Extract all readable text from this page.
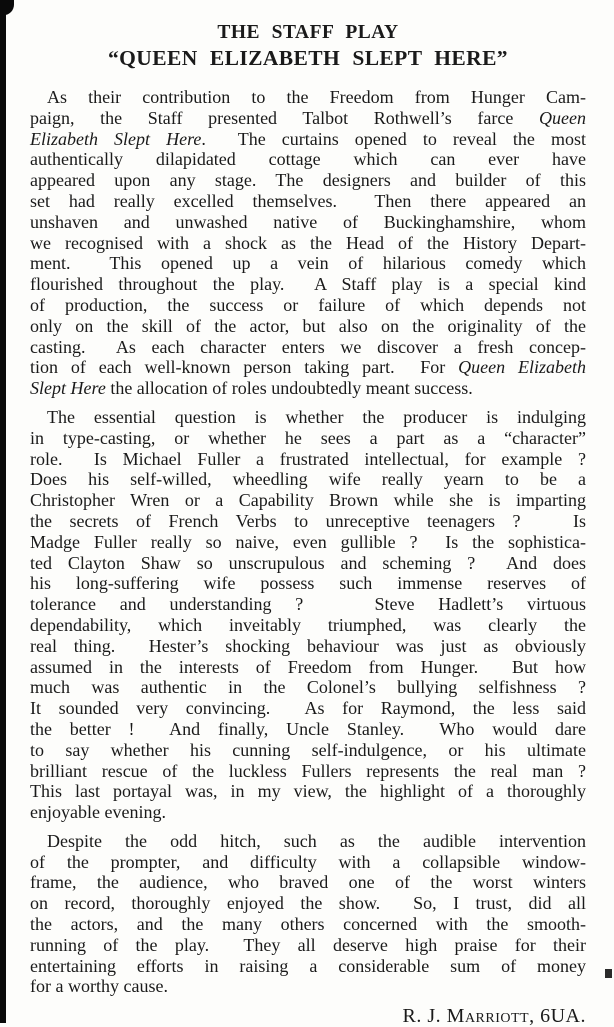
THE STAFF PLAY
“QUEEN ELIZABETH SLEPT HERE”
As their contribution to the Freedom from Hunger Cam-
paign, the Staff presented Talbot Rothwell’s farce Queen
Elizabeth Slept Here.  The curtains opened to reveal the most
authentically dilapidated cottage which can ever have
appeared upon any stage. The designers and builder of this
set had really excelled themselves.  Then there appeared an
unshaven and unwashed native of Buckinghamshire, whom
we recognised with a shock as the Head of the History Depart-
ment.  This opened up a vein of hilarious comedy which
flourished throughout the play.  A Staff play is a special kind
of production, the success or failure of which depends not
only on the skill of the actor, but also on the originality of the
casting.  As each character enters we discover a fresh concep-
tion of each well-known person taking part.  For Queen Elizabeth
Slept Here the allocation of roles undoubtedly meant success.
The essential question is whether the producer is indulging
in type-casting, or whether he sees a part as a “character”
role.  Is Michael Fuller a frustrated intellectual, for example ?
Does his self-willed, wheedling wife really yearn to be a
Christopher Wren or a Capability Brown while she is imparting
the secrets of French Verbs to unreceptive teenagers ?   Is
Madge Fuller really so naive, even gullible ?  Is the sophistica-
ted Clayton Shaw so unscrupulous and scheming ?  And does
his long-suffering wife possess such immense reserves of
tolerance and understanding ?   Steve Hadlett’s virtuous
dependability, which inveitably triumphed, was clearly the
real thing.  Hester’s shocking behaviour was just as obviously
assumed in the interests of Freedom from Hunger.  But how
much was authentic in the Colonel’s bullying selfishness ?
It sounded very convincing.  As for Raymond, the less said
the better !  And finally, Uncle Stanley.  Who would dare
to say whether his cunning self-indulgence, or his ultimate
brilliant rescue of the luckless Fullers represents the real man ?
This last portayal was, in my view, the highlight of a thoroughly
enjoyable evening.
Despite the odd hitch, such as the audible intervention
of the prompter, and difficulty with a collapsible window-
frame, the audience, who braved one of the worst winters
on record, thoroughly enjoyed the show.  So, I trust, did all
the actors, and the many others concerned with the smooth-
running of the play.  They all deserve high praise for their
entertaining efforts in raising a considerable sum of money
for a worthy cause.
R. J. Marriott, 6UA.
